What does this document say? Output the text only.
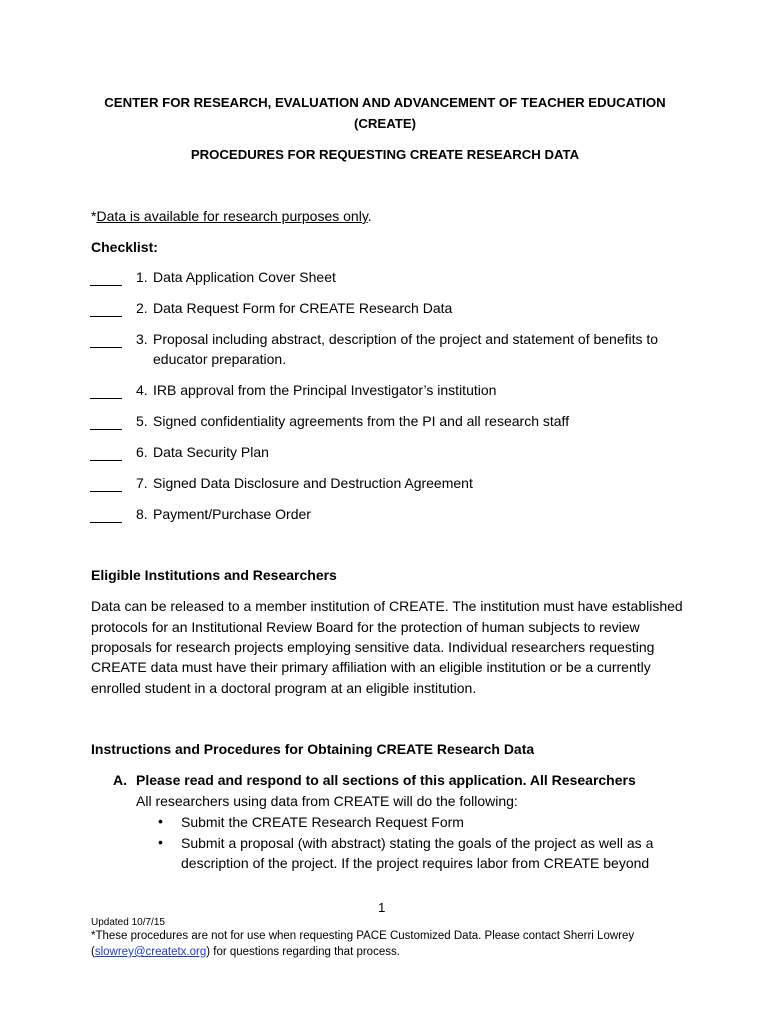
CENTER FOR RESEARCH, EVALUATION AND ADVANCEMENT OF TEACHER EDUCATION
(CREATE)
PROCEDURES FOR REQUESTING CREATE RESEARCH DATA
*Data is available for research purposes only.
Checklist:
1. Data Application Cover Sheet
2. Data Request Form for CREATE Research Data
3. Proposal including abstract, description of the project and statement of benefits to
educator preparation.
4. IRB approval from the Principal Investigator’s institution
5. Signed confidentiality agreements from the PI and all research staff
6. Data Security Plan
7. Signed Data Disclosure and Destruction Agreement
8. Payment/Purchase Order
Eligible Institutions and Researchers
Data can be released to a member institution of CREATE. The institution must have established
protocols for an Institutional Review Board for the protection of human subjects to review
proposals for research projects employing sensitive data. Individual researchers requesting
CREATE data must have their primary affiliation with an eligible institution or be a currently
enrolled student in a doctoral program at an eligible institution.
Instructions and Procedures for Obtaining CREATE Research Data
A. Please read and respond to all sections of this application. All Researchers
All researchers using data from CREATE will do the following:
• Submit the CREATE Research Request Form
• Submit a proposal (with abstract) stating the goals of the project as well as a
description of the project. If the project requires labor from CREATE beyond
1
Updated 10/7/15
*These procedures are not for use when requesting PACE Customized Data. Please contact Sherri Lowrey
(slowrey@createtx.org) for questions regarding that process.
